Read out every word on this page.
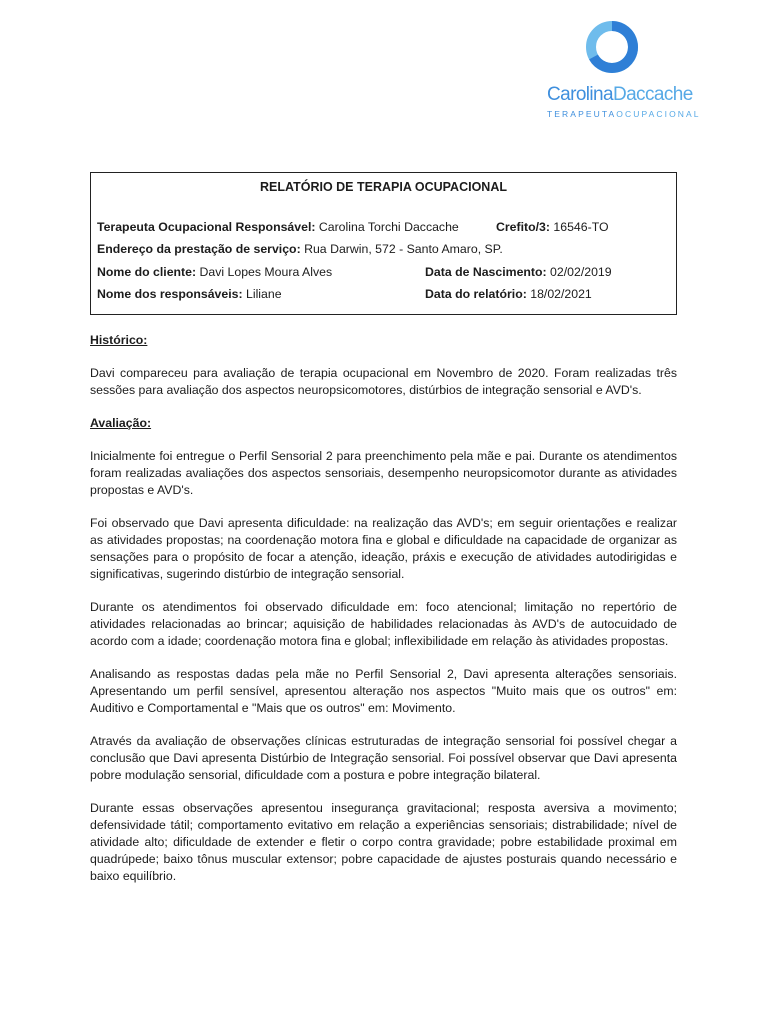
CarolinaDaccache
TERAPEUTAOCUPACIONAL
RELATÓRIO DE TERAPIA OCUPACIONAL
Terapeuta Ocupacional Responsável: Carolina Torchi Daccache	Crefito/3: 16546-TO
Endereço da prestação de serviço: Rua Darwin, 572 - Santo Amaro, SP.
Nome do cliente: Davi Lopes Moura Alves	Data de Nascimento: 02/02/2019
Nome dos responsáveis: Liliane	Data do relatório: 18/02/2021
Histórico:
Davi compareceu para avaliação de terapia ocupacional em Novembro de 2020. Foram realizadas três sessões para avaliação dos aspectos neuropsicomotores, distúrbios de integração sensorial e AVD's.
Avaliação:
Inicialmente foi entregue o Perfil Sensorial 2 para preenchimento pela mãe e pai. Durante os atendimentos foram realizadas avaliações dos aspectos sensoriais, desempenho neuropsicomotor durante as atividades propostas e AVD's.
Foi observado que Davi apresenta dificuldade: na realização das AVD's; em seguir orientações e realizar as atividades propostas; na coordenação motora fina e global e dificuldade na capacidade de organizar as sensações para o propósito de focar a atenção, ideação, práxis e execução de atividades autodirigidas e significativas, sugerindo distúrbio de integração sensorial.
Durante os atendimentos foi observado dificuldade em: foco atencional; limitação no repertório de atividades relacionadas ao brincar; aquisição de habilidades relacionadas às AVD's de autocuidado de acordo com a idade; coordenação motora fina e global; inflexibilidade em relação às atividades propostas.
Analisando as respostas dadas pela mãe no Perfil Sensorial 2, Davi apresenta alterações sensoriais. Apresentando um perfil sensível, apresentou alteração nos aspectos "Muito mais que os outros" em: Auditivo e Comportamental e "Mais que os outros" em: Movimento.
Através da avaliação de observações clínicas estruturadas de integração sensorial foi possível chegar a conclusão que Davi apresenta Distúrbio de Integração sensorial. Foi possível observar que Davi apresenta pobre modulação sensorial, dificuldade com a postura e pobre integração bilateral.
Durante essas observações apresentou insegurança gravitacional; resposta aversiva a movimento; defensividade tátil; comportamento evitativo em relação a experiências sensoriais; distrabilidade; nível de atividade alto; dificuldade de extender e fletir o corpo contra gravidade; pobre estabilidade proximal em quadrúpede; baixo tônus muscular extensor; pobre capacidade de ajustes posturais quando necessário e baixo equilíbrio.
